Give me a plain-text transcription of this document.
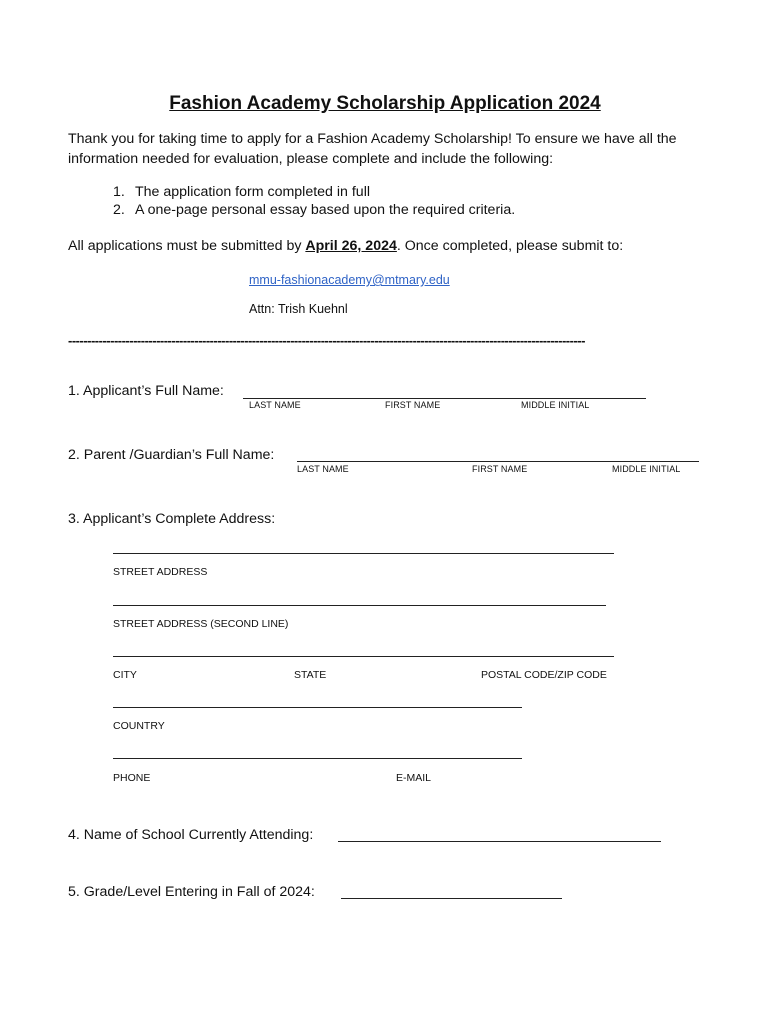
Fashion Academy Scholarship Application 2024
Thank you for taking time to apply for a Fashion Academy Scholarship! To ensure we have all the information needed for evaluation, please complete and include the following:
1. The application form completed in full
2. A one-page personal essay based upon the required criteria.
All applications must be submitted by April 26, 2024. Once completed, please submit to:
mmu-fashionacademy@mtmary.edu
Attn: Trish Kuehnl
---------------------------------------------------------------------------------------------------------------------------------------
1. Applicant’s Full Name:
LAST NAME	FIRST NAME	MIDDLE INITIAL
2. Parent /Guardian’s Full Name:
LAST NAME	FIRST NAME	MIDDLE INITIAL
3. Applicant’s Complete Address:
STREET ADDRESS
STREET ADDRESS (SECOND LINE)
CITY	STATE	POSTAL CODE/ZIP CODE
COUNTRY
PHONE	E-MAIL
4. Name of School Currently Attending:
5. Grade/Level Entering in Fall of 2024:
